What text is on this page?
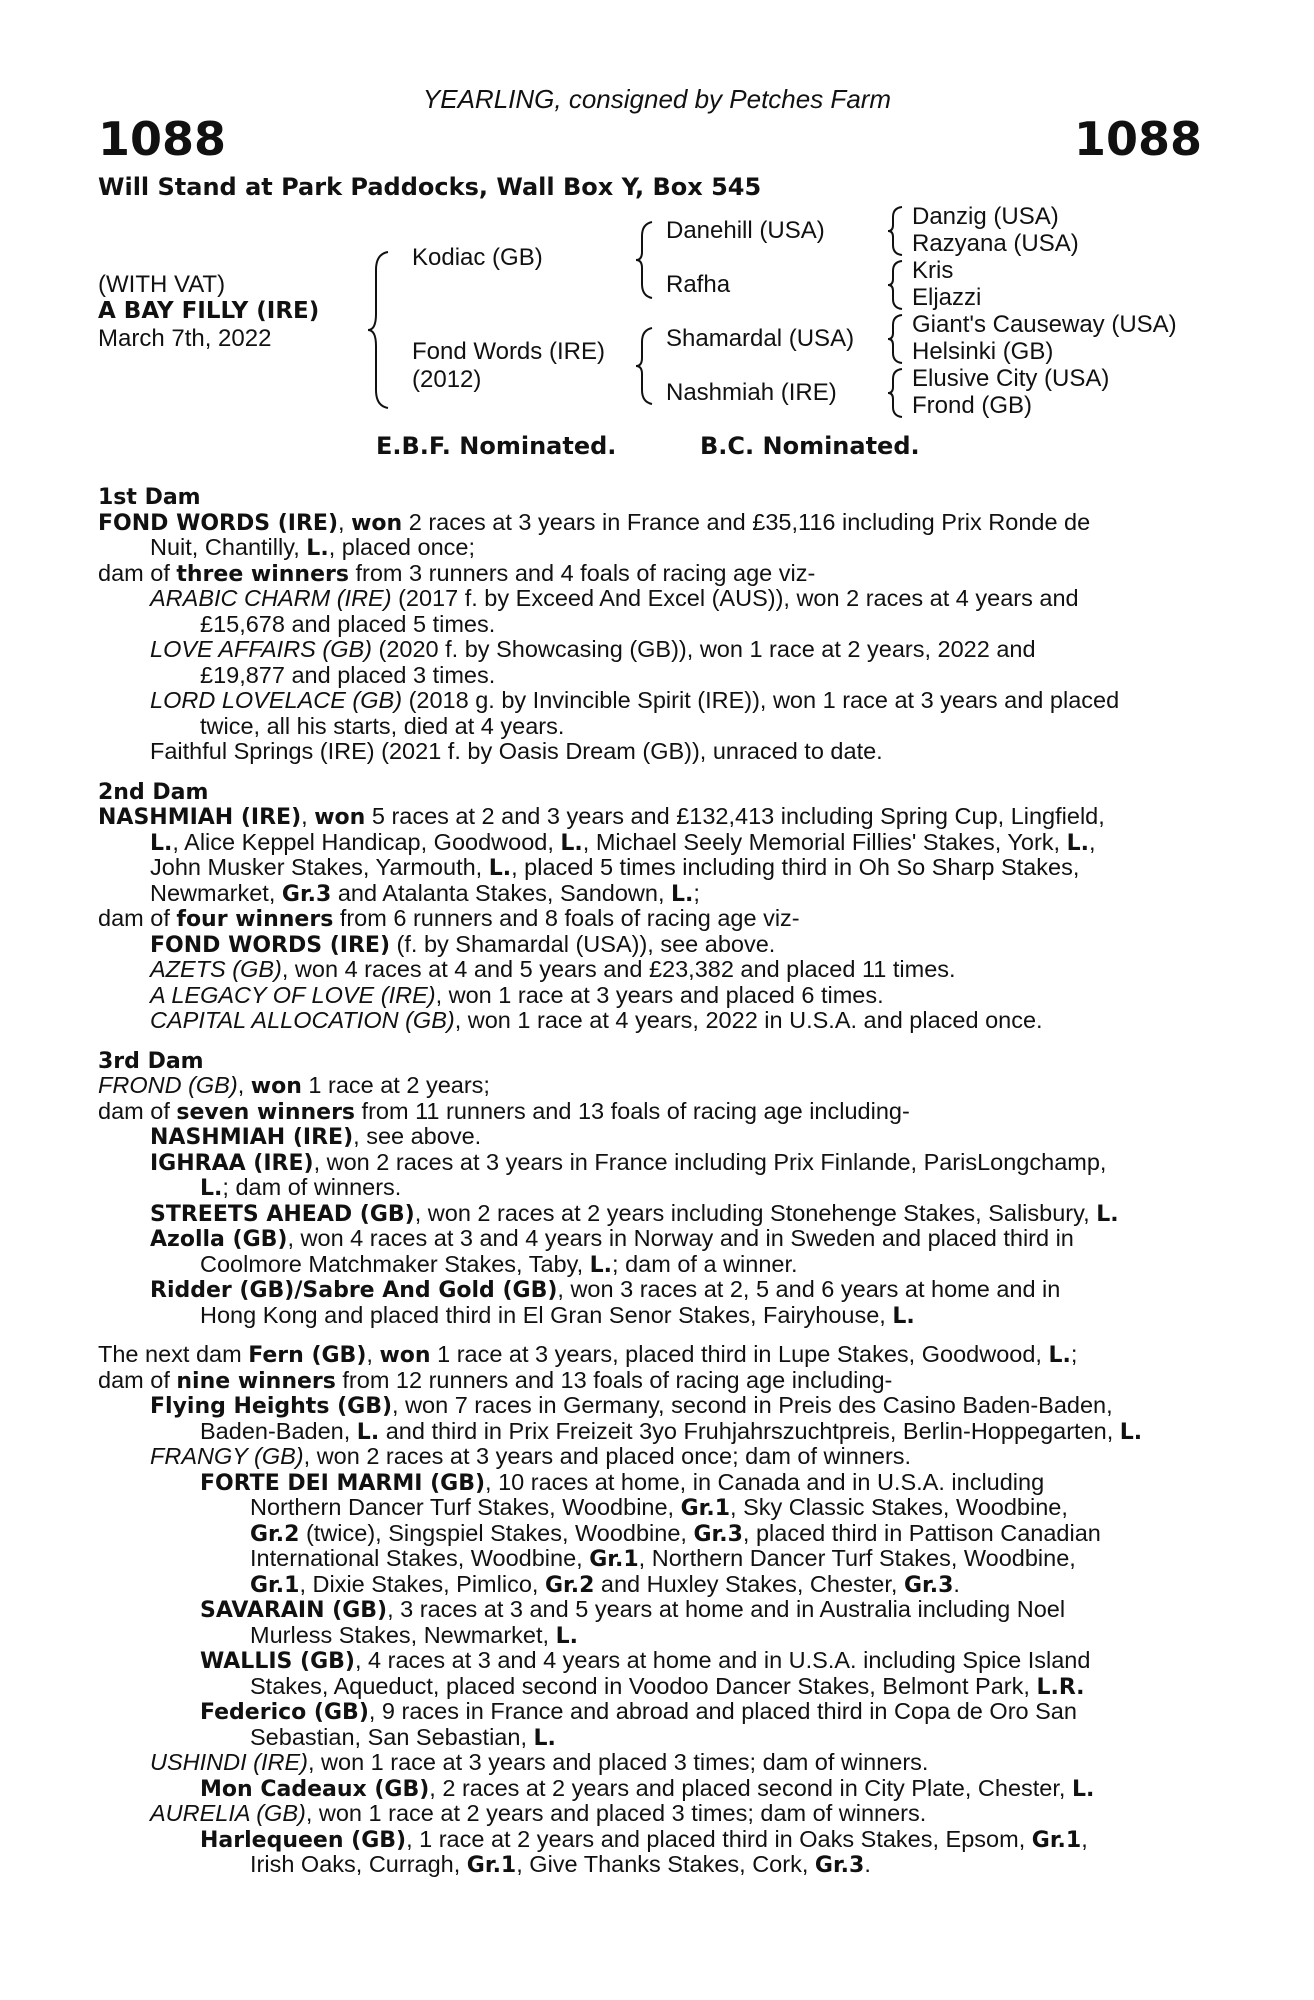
YEARLING, consigned by Petches Farm
1088	1088
Will Stand at Park Paddocks, Wall Box Y, Box 545
(WITH VAT)
A BAY FILLY (IRE)
March 7th, 2022
Kodiac (GB)
Fond Words (IRE)
(2012)
Danehill (USA)
Rafha
Shamardal (USA)
Nashmiah (IRE)
Danzig (USA)
Razyana (USA)
Kris
Eljazzi
Giant's Causeway (USA)
Helsinki (GB)
Elusive City (USA)
Frond (GB)
E.B.F. Nominated.	B.C. Nominated.
1st Dam
FOND WORDS (IRE), won 2 races at 3 years in France and £35,116 including Prix Ronde de
Nuit, Chantilly, L., placed once;
dam of three winners from 3 runners and 4 foals of racing age viz-
ARABIC CHARM (IRE) (2017 f. by Exceed And Excel (AUS)), won 2 races at 4 years and
£15,678 and placed 5 times.
LOVE AFFAIRS (GB) (2020 f. by Showcasing (GB)), won 1 race at 2 years, 2022 and
£19,877 and placed 3 times.
LORD LOVELACE (GB) (2018 g. by Invincible Spirit (IRE)), won 1 race at 3 years and placed
twice, all his starts, died at 4 years.
Faithful Springs (IRE) (2021 f. by Oasis Dream (GB)), unraced to date.
2nd Dam
NASHMIAH (IRE), won 5 races at 2 and 3 years and £132,413 including Spring Cup, Lingfield,
L., Alice Keppel Handicap, Goodwood, L., Michael Seely Memorial Fillies' Stakes, York, L.,
John Musker Stakes, Yarmouth, L., placed 5 times including third in Oh So Sharp Stakes,
Newmarket, Gr.3 and Atalanta Stakes, Sandown, L.;
dam of four winners from 6 runners and 8 foals of racing age viz-
FOND WORDS (IRE) (f. by Shamardal (USA)), see above.
AZETS (GB), won 4 races at 4 and 5 years and £23,382 and placed 11 times.
A LEGACY OF LOVE (IRE), won 1 race at 3 years and placed 6 times.
CAPITAL ALLOCATION (GB), won 1 race at 4 years, 2022 in U.S.A. and placed once.
3rd Dam
FROND (GB), won 1 race at 2 years;
dam of seven winners from 11 runners and 13 foals of racing age including-
NASHMIAH (IRE), see above.
IGHRAA (IRE), won 2 races at 3 years in France including Prix Finlande, ParisLongchamp,
L.; dam of winners.
STREETS AHEAD (GB), won 2 races at 2 years including Stonehenge Stakes, Salisbury, L.
Azolla (GB), won 4 races at 3 and 4 years in Norway and in Sweden and placed third in
Coolmore Matchmaker Stakes, Taby, L.; dam of a winner.
Ridder (GB)/Sabre And Gold (GB), won 3 races at 2, 5 and 6 years at home and in
Hong Kong and placed third in El Gran Senor Stakes, Fairyhouse, L.
The next dam Fern (GB), won 1 race at 3 years, placed third in Lupe Stakes, Goodwood, L.;
dam of nine winners from 12 runners and 13 foals of racing age including-
Flying Heights (GB), won 7 races in Germany, second in Preis des Casino Baden-Baden,
Baden-Baden, L. and third in Prix Freizeit 3yo Fruhjahrszuchtpreis, Berlin-Hoppegarten, L.
FRANGY (GB), won 2 races at 3 years and placed once; dam of winners.
FORTE DEI MARMI (GB), 10 races at home, in Canada and in U.S.A. including
Northern Dancer Turf Stakes, Woodbine, Gr.1, Sky Classic Stakes, Woodbine,
Gr.2 (twice), Singspiel Stakes, Woodbine, Gr.3, placed third in Pattison Canadian
International Stakes, Woodbine, Gr.1, Northern Dancer Turf Stakes, Woodbine,
Gr.1, Dixie Stakes, Pimlico, Gr.2 and Huxley Stakes, Chester, Gr.3.
SAVARAIN (GB), 3 races at 3 and 5 years at home and in Australia including Noel
Murless Stakes, Newmarket, L.
WALLIS (GB), 4 races at 3 and 4 years at home and in U.S.A. including Spice Island
Stakes, Aqueduct, placed second in Voodoo Dancer Stakes, Belmont Park, L.R.
Federico (GB), 9 races in France and abroad and placed third in Copa de Oro San
Sebastian, San Sebastian, L.
USHINDI (IRE), won 1 race at 3 years and placed 3 times; dam of winners.
Mon Cadeaux (GB), 2 races at 2 years and placed second in City Plate, Chester, L.
AURELIA (GB), won 1 race at 2 years and placed 3 times; dam of winners.
Harlequeen (GB), 1 race at 2 years and placed third in Oaks Stakes, Epsom, Gr.1,
Irish Oaks, Curragh, Gr.1, Give Thanks Stakes, Cork, Gr.3.
